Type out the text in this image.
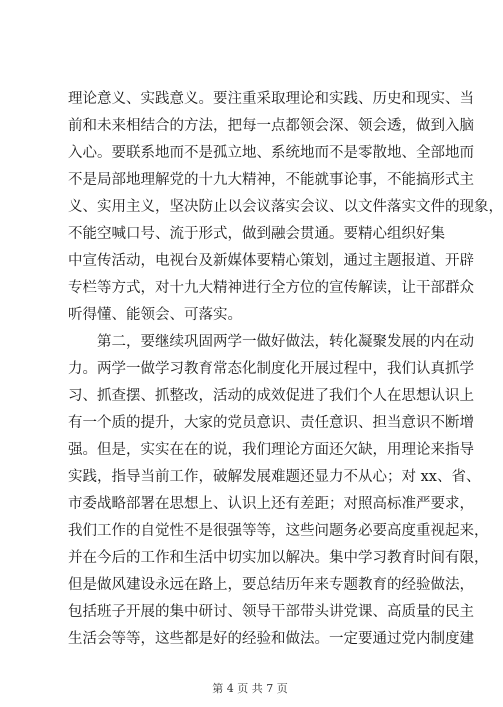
理论意义、实践意义。要注重采取理论和实践、历史和现实、当
前和未来相结合的方法，把每一点都领会深、领会透，做到入脑
入心。要联系地而不是孤立地、系统地而不是零散地、全部地而
不是局部地理解党的十九大精神，不能就事论事，不能搞形式主
义、实用主义，坚决防止以会议落实会议、以文件落实文件的现象，
不能空喊口号、流于形式，做到融会贯通。要精心组织好集
中宣传活动，电视台及新媒体要精心策划，通过主题报道、开辟
专栏等方式，对十九大精神进行全方位的宣传解读，让干部群众
听得懂、能领会、可落实。
第二，要继续巩固两学一做好做法，转化凝聚发展的内在动
力。两学一做学习教育常态化制度化开展过程中，我们认真抓学
习、抓查摆、抓整改，活动的成效促进了我们个人在思想认识上
有一个质的提升，大家的党员意识、责任意识、担当意识不断增
强。但是，实实在在的说，我们理论方面还欠缺，用理论来指导
实践，指导当前工作，破解发展难题还显力不从心；对 xx、省、
市委战略部署在思想上、认识上还有差距；对照高标准严要求，
我们工作的自觉性不是很强等等，这些问题务必要高度重视起来，
并在今后的工作和生活中切实加以解决。集中学习教育时间有限，
但是做风建设永远在路上，要总结历年来专题教育的经验做法，
包括班子开展的集中研讨、领导干部带头讲党课、高质量的民主
生活会等等，这些都是好的经验和做法。一定要通过党内制度建
第 4 页 共 7 页
